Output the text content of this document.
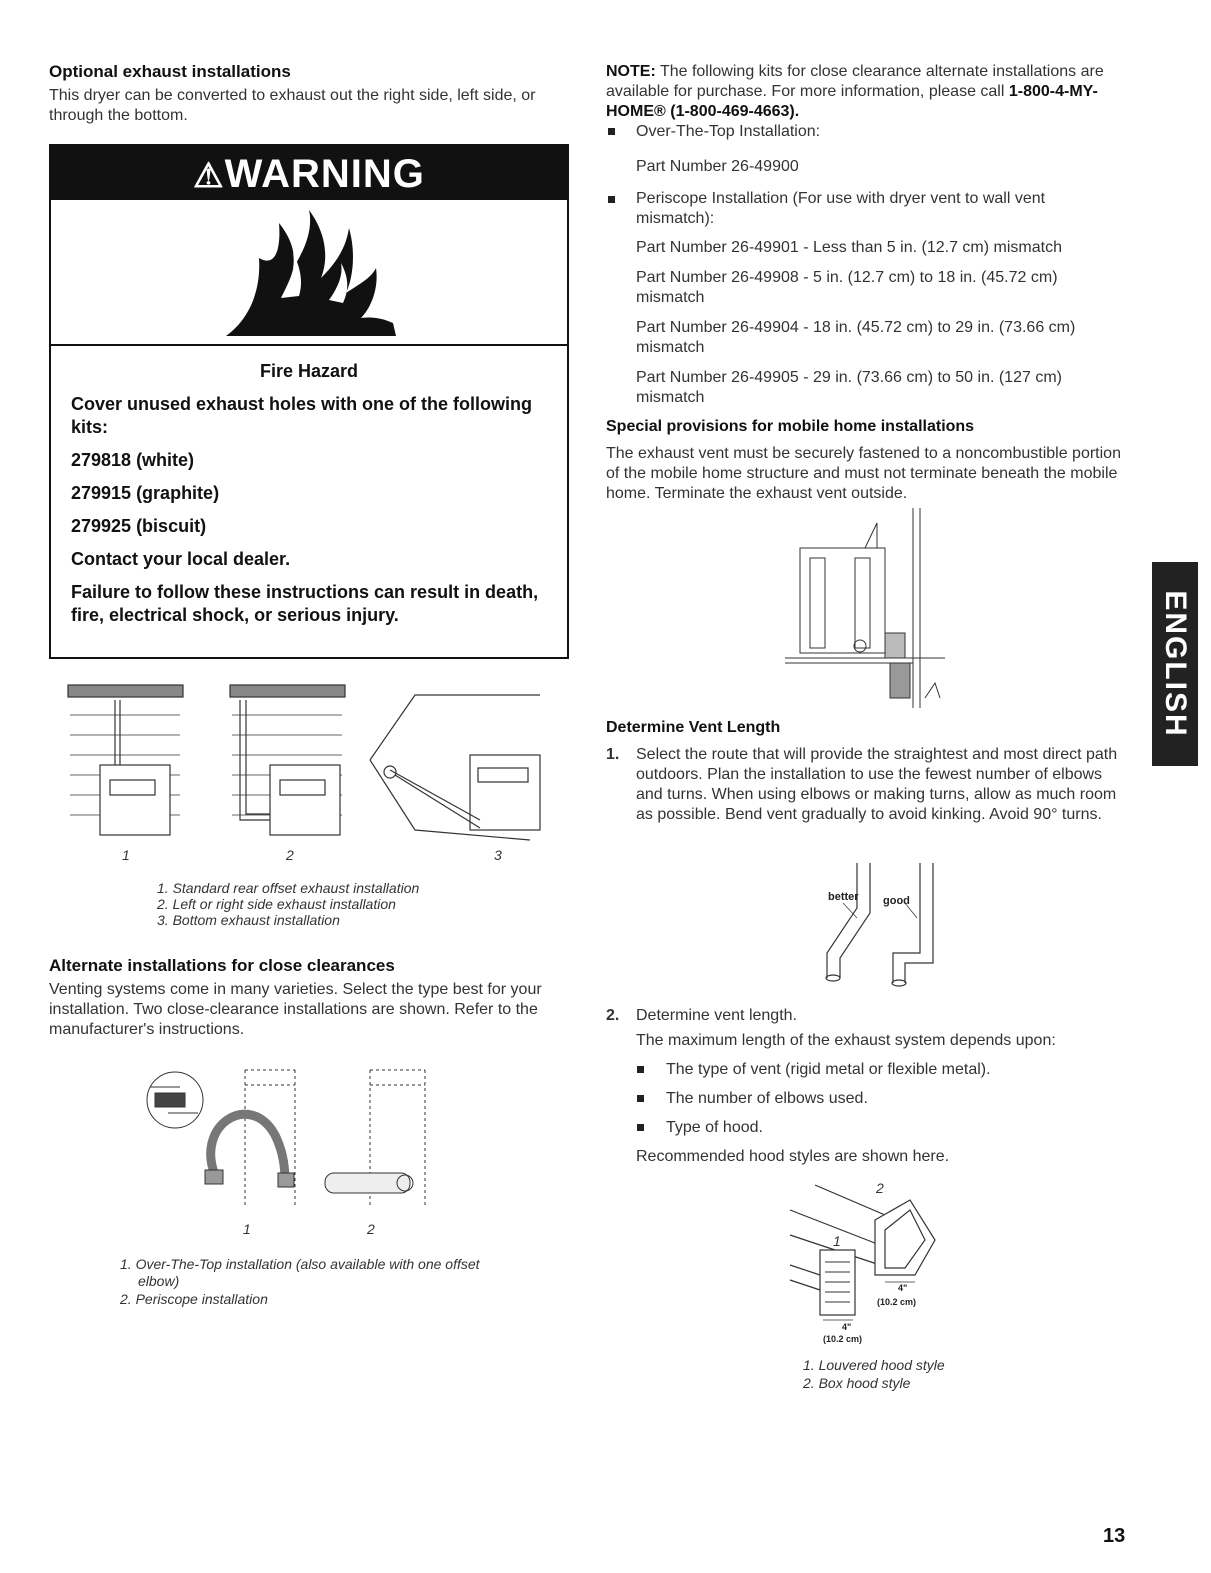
Optional exhaust installations
This dryer can be converted to exhaust out the right side, left side, or through the bottom.
⚠WARNING
Fire Hazard
Cover unused exhaust holes with one of the following kits:
279818 (white)
279915 (graphite)
279925 (biscuit)
Contact your local dealer.
Failure to follow these instructions can result in death, fire, electrical shock, or serious injury.
1	2	3
1. Standard rear offset exhaust installation
2. Left or right side exhaust installation
3. Bottom exhaust installation
Alternate installations for close clearances
Venting systems come in many varieties. Select the type best for your installation. Two close-clearance installations are shown. Refer to the manufacturer's instructions.
1	2
1. Over-The-Top installation (also available with one offset elbow)
2. Periscope installation
NOTE: The following kits for close clearance alternate installations are available for purchase. For more information, please call 1-800-4-MY-HOME® (1-800-469-4663).
Over-The-Top Installation:
Part Number 26-49900
Periscope Installation (For use with dryer vent to wall vent mismatch):
Part Number 26-49901 - Less than 5 in. (12.7 cm) mismatch
Part Number 26-49908 - 5 in. (12.7 cm) to 18 in. (45.72 cm) mismatch
Part Number 26-49904 - 18 in. (45.72 cm) to 29 in. (73.66 cm) mismatch
Part Number 26-49905 - 29 in. (73.66 cm) to 50 in. (127 cm) mismatch
Special provisions for mobile home installations
The exhaust vent must be securely fastened to a noncombustible portion of the mobile home structure and must not terminate beneath the mobile home. Terminate the exhaust vent outside.
Determine Vent Length
1. Select the route that will provide the straightest and most direct path outdoors. Plan the installation to use the fewest number of elbows and turns. When using elbows or making turns, allow as much room as possible. Bend vent gradually to avoid kinking. Avoid 90° turns.
better good
2. Determine vent length.
The maximum length of the exhaust system depends upon:
The type of vent (rigid metal or flexible metal).
The number of elbows used.
Type of hood.
Recommended hood styles are shown here.
2
1
4"
(10.2 cm)
4"
(10.2 cm)
1. Louvered hood style
2. Box hood style
ENGLISH
13
